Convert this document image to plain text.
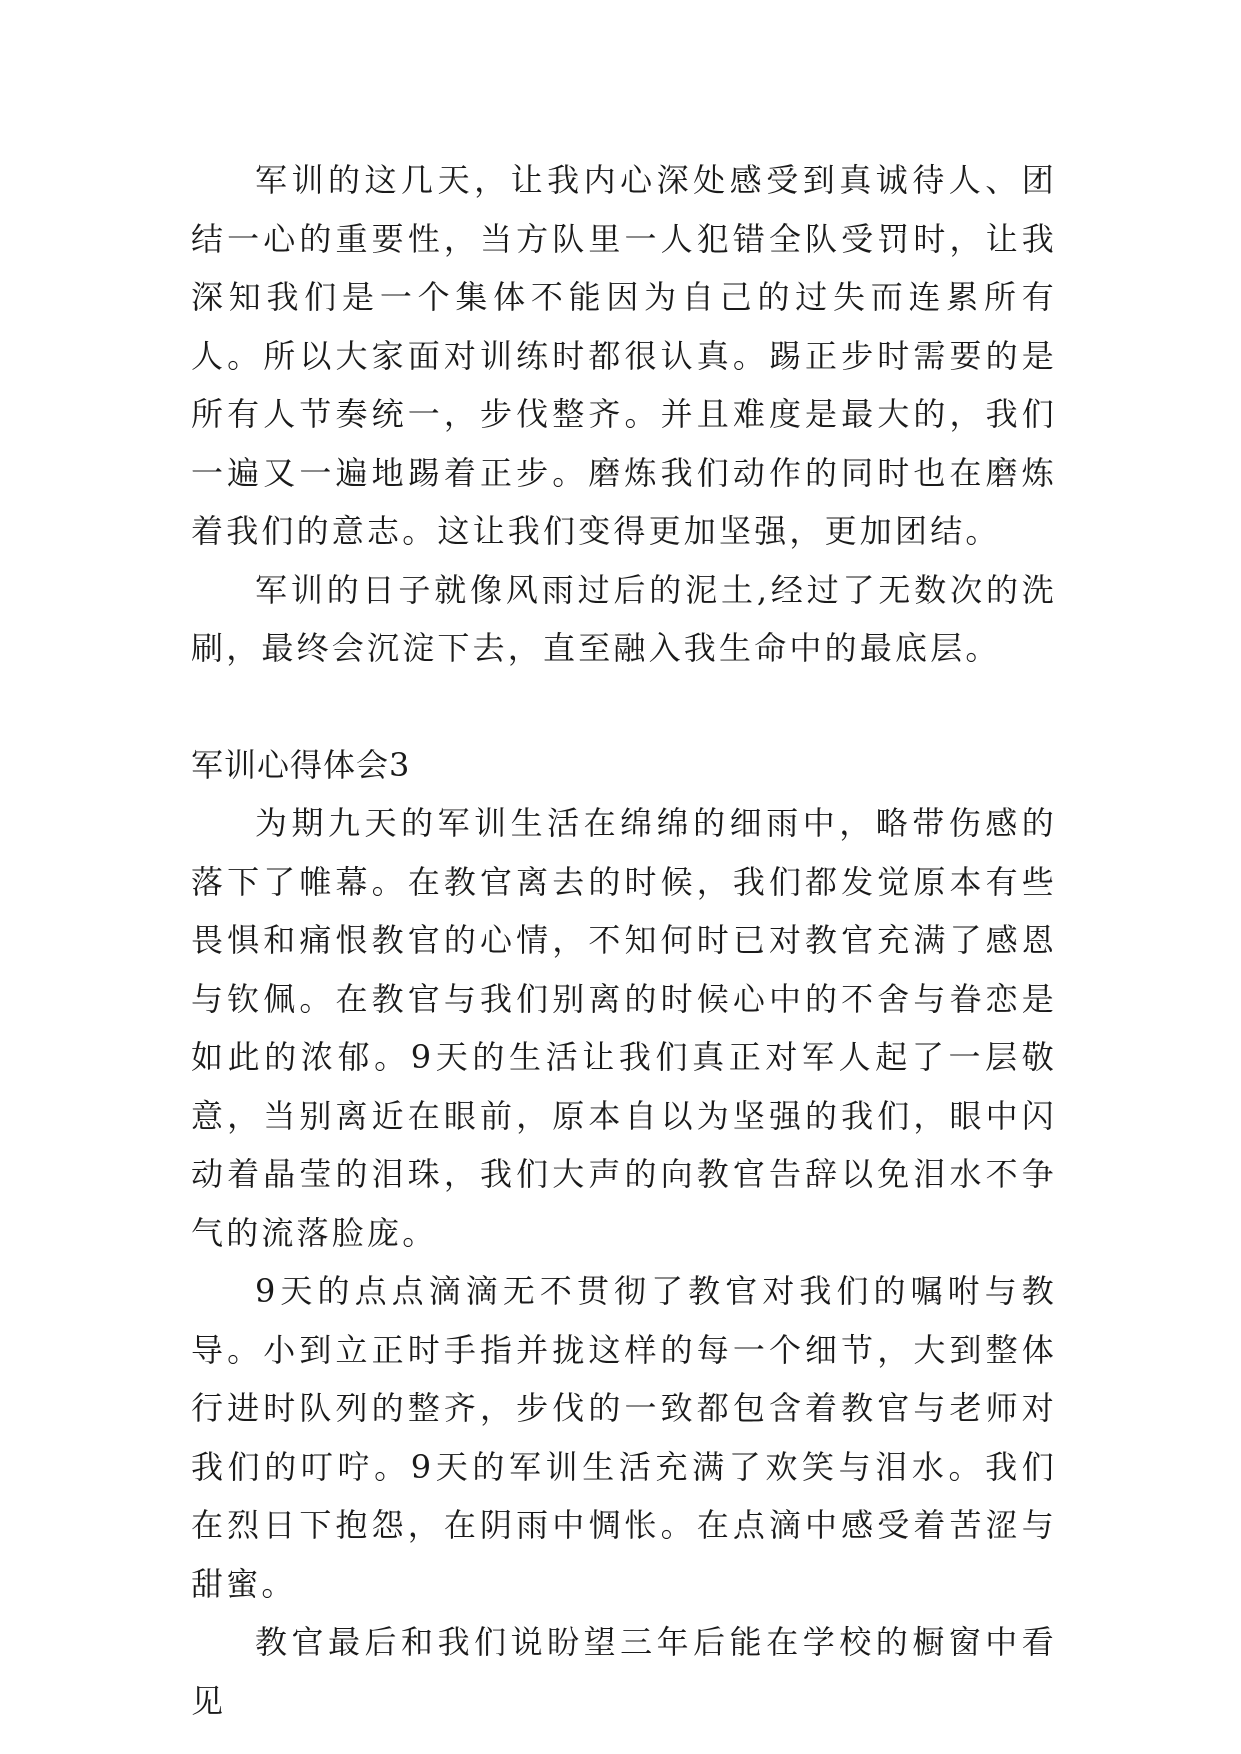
军训的这几天，让我内心深处感受到真诚待人、团结一心的重要性，当方队里一人犯错全队受罚时，让我深知我们是一个集体不能因为自己的过失而连累所有人。所以大家面对训练时都很认真。踢正步时需要的是所有人节奏统一，步伐整齐。并且难度是最大的，我们一遍又一遍地踢着正步。磨炼我们动作的同时也在磨炼着我们的意志。这让我们变得更加坚强，更加团结。

军训的日子就像风雨过后的泥土,经过了无数次的洗刷，最终会沉淀下去，直至融入我生命中的最底层。

军训心得体会3

为期九天的军训生活在绵绵的细雨中，略带伤感的落下了帷幕。在教官离去的时候，我们都发觉原本有些畏惧和痛恨教官的心情，不知何时已对教官充满了感恩与钦佩。在教官与我们别离的时候心中的不舍与眷恋是如此的浓郁。9天的生活让我们真正对军人起了一层敬意，当别离近在眼前，原本自以为坚强的我们，眼中闪动着晶莹的泪珠，我们大声的向教官告辞以免泪水不争气的流落脸庞。

9天的点点滴滴无不贯彻了教官对我们的嘱咐与教导。小到立正时手指并拢这样的每一个细节，大到整体行进时队列的整齐，步伐的一致都包含着教官与老师对我们的叮咛。9天的军训生活充满了欢笑与泪水。我们在烈日下抱怨，在阴雨中惆怅。在点滴中感受着苦涩与甜蜜。

教官最后和我们说盼望三年后能在学校的橱窗中看见
